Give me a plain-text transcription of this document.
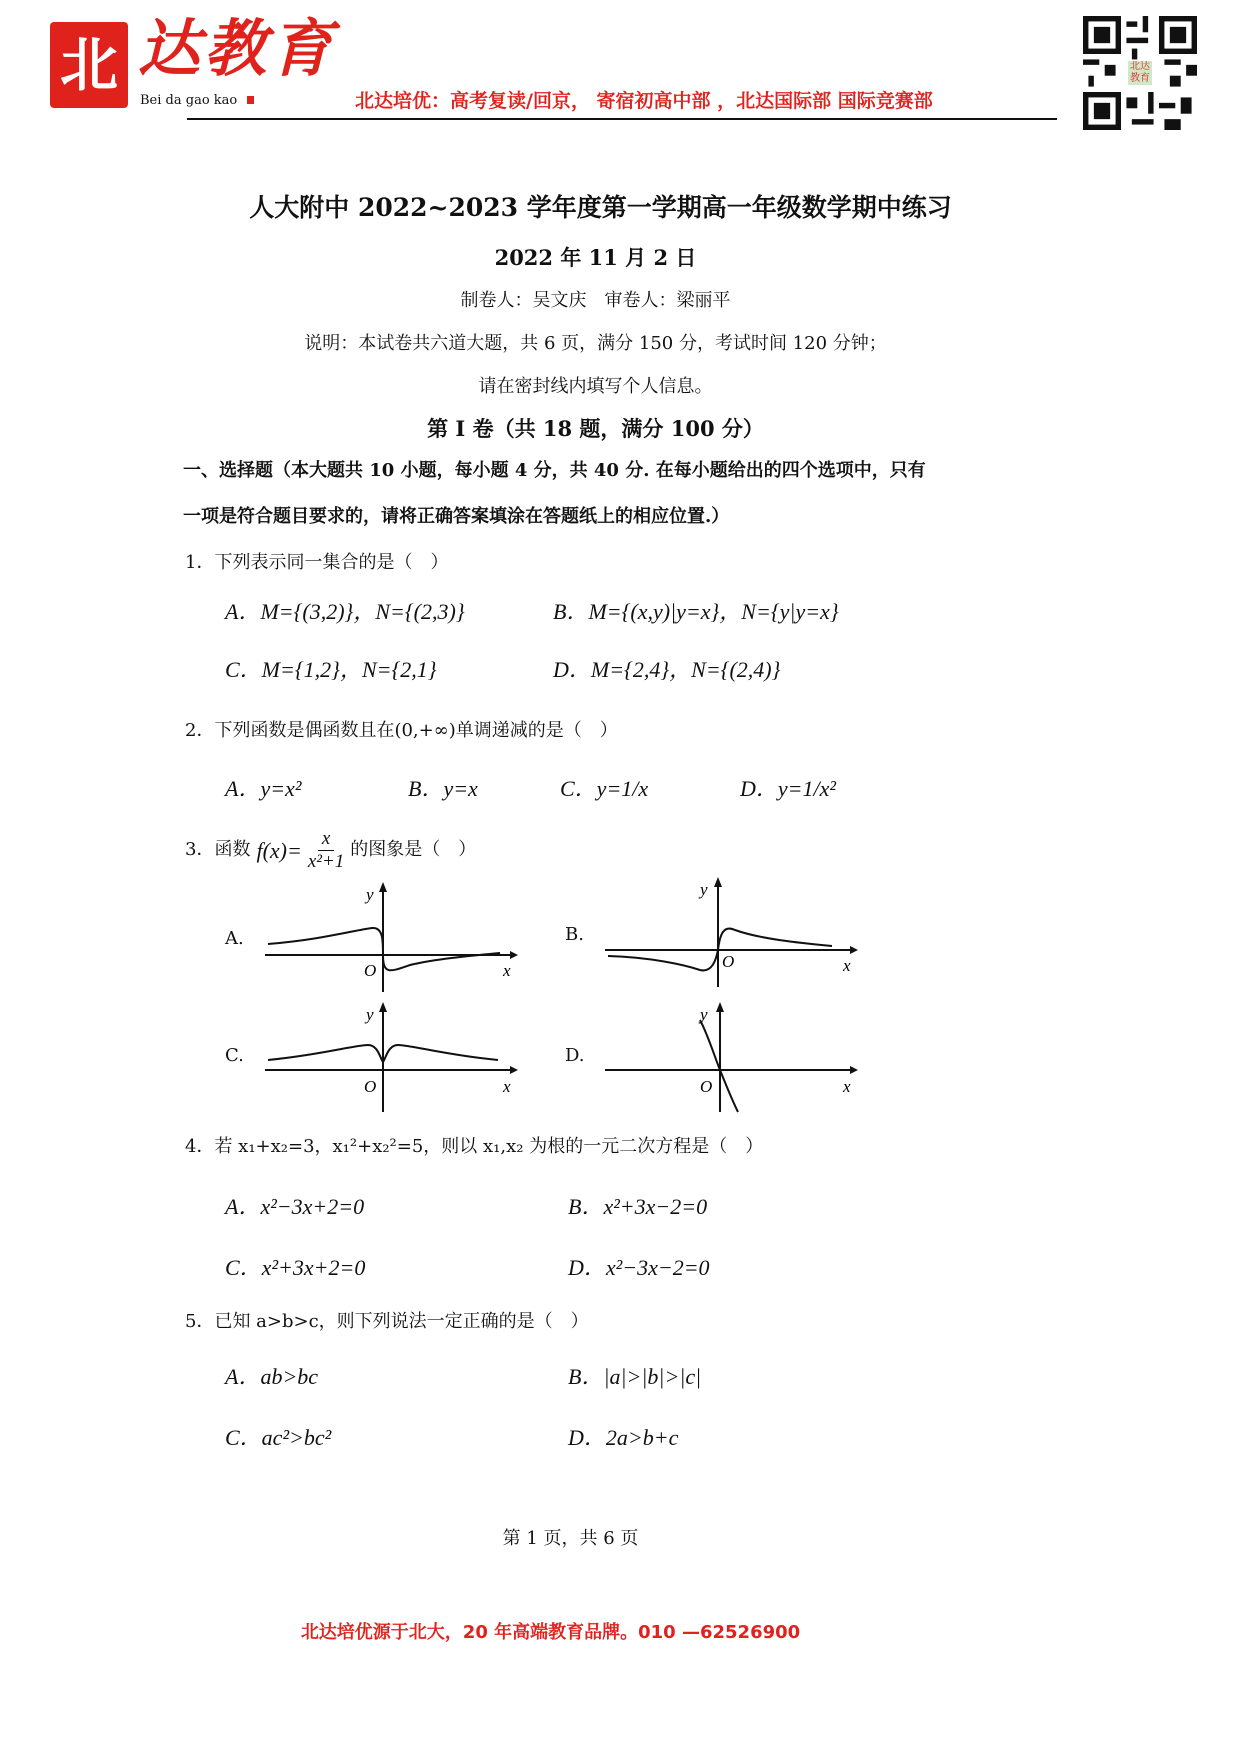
北 达教育
Bei da gao kao	北达培优：高考复读/回京， 寄宿初高中部 ，北达国际部 国际竞赛部
北达教育
人大附中 2022~2023 学年度第一学期高一年级数学期中练习
2022 年 11 月 2 日
制卷人：吴文庆　审卷人：梁丽平
说明：本试卷共六道大题，共 6 页，满分 150 分，考试时间 120 分钟；
请在密封线内填写个人信息。
第 I 卷（共 18 题，满分 100 分）
一、选择题（本大题共 10 小题，每小题 4 分，共 40 分. 在每小题给出的四个选项中，只有
一项是符合题目要求的，请将正确答案填涂在答题纸上的相应位置.）
1．下列表示同一集合的是（　）
A．M={(3,2)}，N={(2,3)}	B．M={(x,y)|y=x}，N={y|y=x}
C．M={1,2}，N={2,1}	D．M={2,4}，N={(2,4)}
2．下列函数是偶函数且在(0,+∞)单调递减的是（　）
A．y=x²	B．y=x	C．y=1/x	D．y=1/x²
3．函数 $f(x)= \frac{x}{\text{x²+1}}$ 的图象是（　）
A.	B.
C.	D.
y
x
O
y
x
O
y
x
O
y
x
O
4．若 x₁+x₂=3，x₁²+x₂²=5，则以 x₁,x₂ 为根的一元二次方程是（　）
A．x²−3x+2=0	B．x²+3x−2=0
C．x²+3x+2=0	D．x²−3x−2=0
5．已知 a>b>c，则下列说法一定正确的是（　）
A．ab>bc	B．|a|>|b|>|c|
C．ac²>bc²	D．2a>b+c
第 1 页，共 6 页
北达培优源于北大，20 年高端教育品牌。010 —62526900
